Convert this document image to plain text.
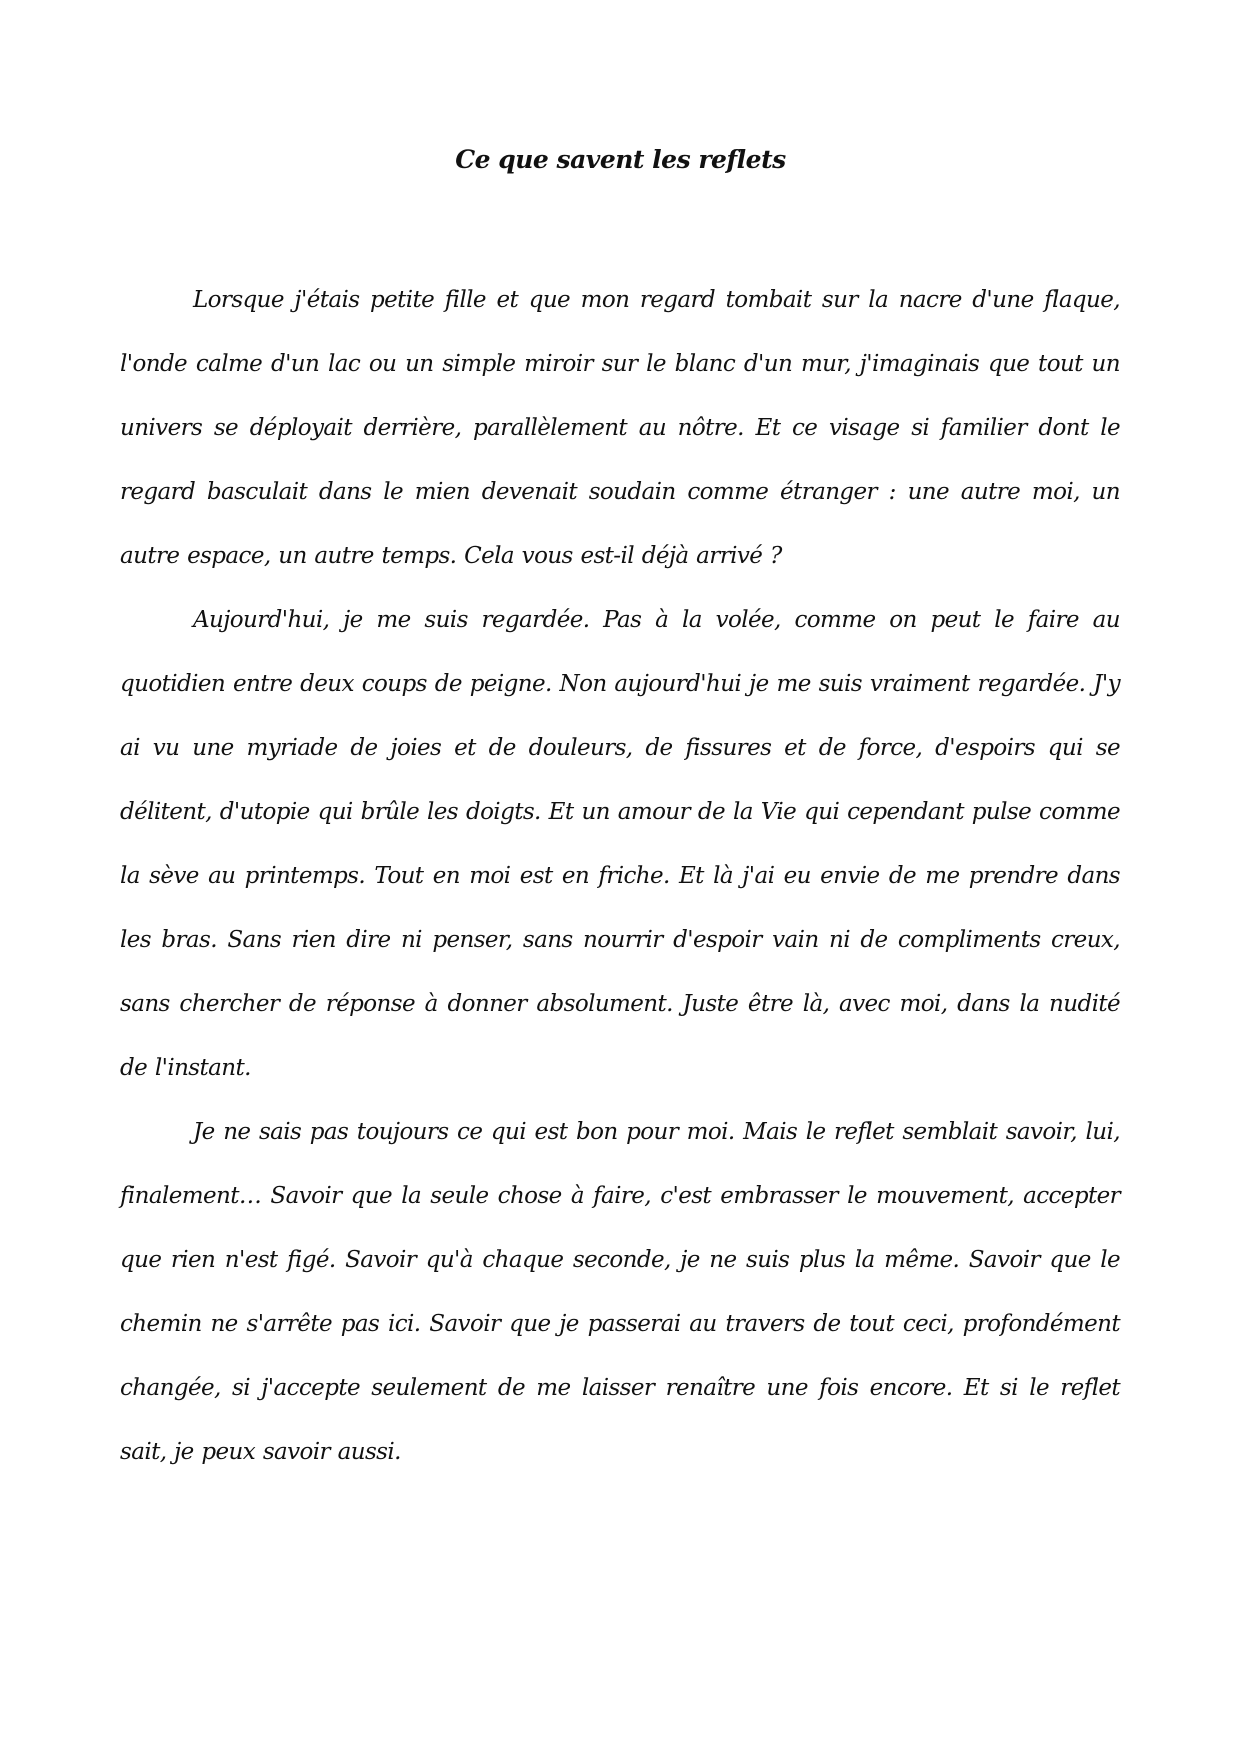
Ce que savent les reflets

Lorsque j'étais petite fille et que mon regard tombait sur la nacre d'une flaque, l'onde calme d'un lac ou un simple miroir sur le blanc d'un mur, j'imaginais que tout un univers se déployait derrière, parallèlement au nôtre. Et ce visage si familier dont le regard basculait dans le mien devenait soudain comme étranger : une autre moi, un autre espace, un autre temps. Cela vous est-il déjà arrivé ?

Aujourd'hui, je me suis regardée. Pas à la volée, comme on peut le faire au quotidien entre deux coups de peigne. Non aujourd'hui je me suis vraiment regardée. J'y ai vu une myriade de joies et de douleurs, de fissures et de force, d'espoirs qui se délitent, d'utopie qui brûle les doigts. Et un amour de la Vie qui cependant pulse comme la sève au printemps. Tout en moi est en friche. Et là j'ai eu envie de me prendre dans les bras. Sans rien dire ni penser, sans nourrir d'espoir vain ni de compliments creux, sans chercher de réponse à donner absolument. Juste être là, avec moi, dans la nudité de l'instant.

Je ne sais pas toujours ce qui est bon pour moi. Mais le reflet semblait savoir, lui, finalement… Savoir que la seule chose à faire, c'est embrasser le mouvement, accepter que rien n'est figé. Savoir qu'à chaque seconde, je ne suis plus la même. Savoir que le chemin ne s'arrête pas ici. Savoir que je passerai au travers de tout ceci, profondément changée, si j'accepte seulement de me laisser renaître une fois encore. Et si le reflet sait, je peux savoir aussi.
